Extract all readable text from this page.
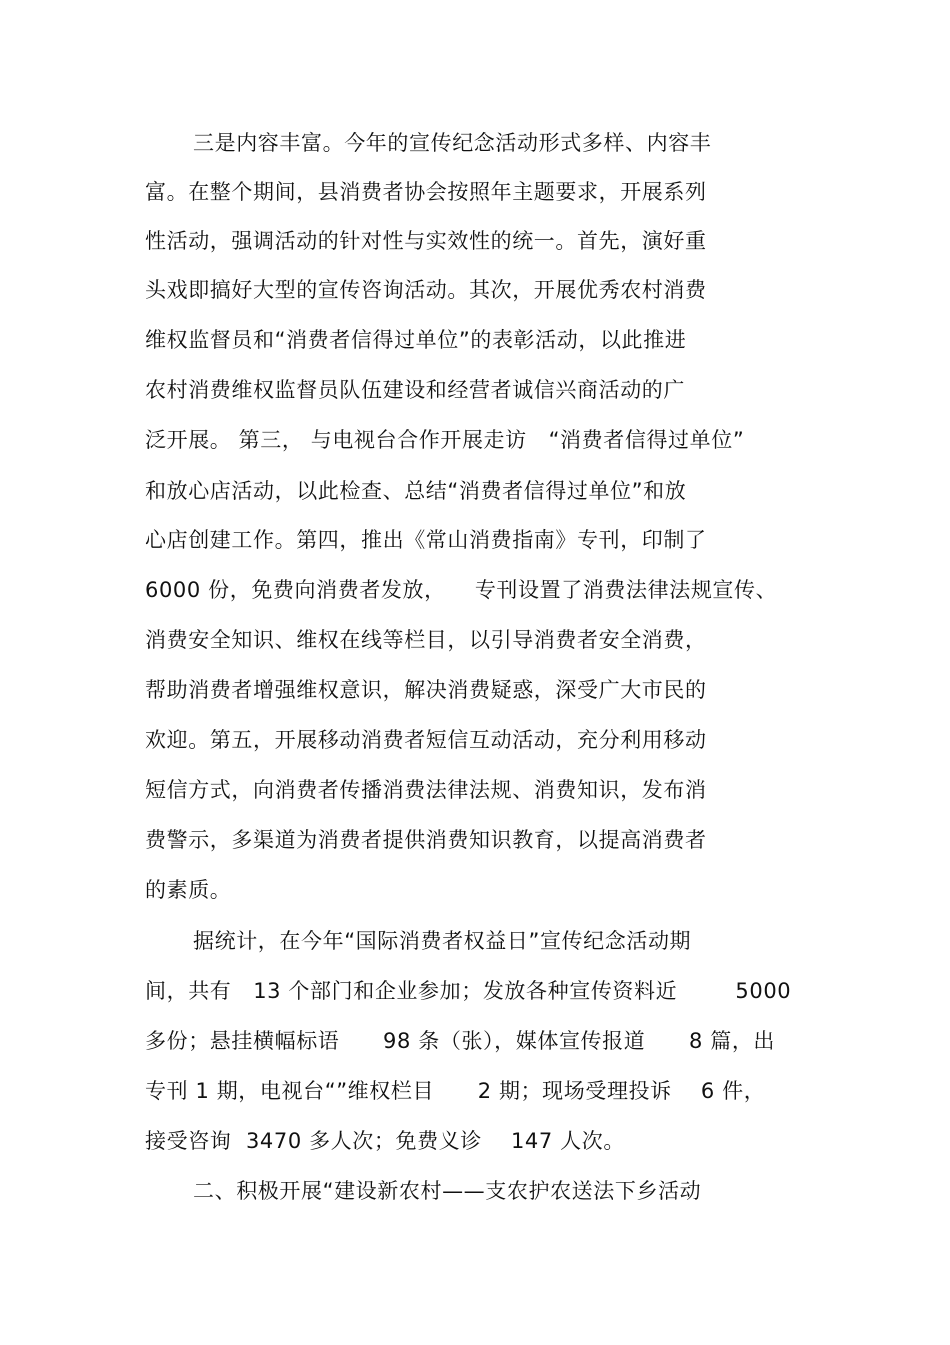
三是内容丰富。今年的宣传纪念活动形式多样、内容丰
富。在整个期间，县消费者协会按照年主题要求，开展系列
性活动，强调活动的针对性与实效性的统一。首先，演好重
头戏即搞好大型的宣传咨询活动。其次，开展优秀农村消费
维权监督员和“消费者信得过单位”的表彰活动，以此推进
农村消费维权监督员队伍建设和经营者诚信兴商活动的广
泛开展。 第三， 与电视台合作开展走访   “消费者信得过单位”
和放心店活动，以此检查、总结“消费者信得过单位”和放
心店创建工作。第四，推出《常山消费指南》专刊，印制了
6000 份，免费向消费者发放，    专刊设置了消费法律法规宣传、
消费安全知识、维权在线等栏目，以引导消费者安全消费，
帮助消费者增强维权意识，解决消费疑惑，深受广大市民的
欢迎。第五，开展移动消费者短信互动活动，充分利用移动
短信方式，向消费者传播消费法律法规、消费知识，发布消
费警示，多渠道为消费者提供消费知识教育，以提高消费者
的素质。
据统计，在今年“国际消费者权益日”宣传纪念活动期
间，共有   13 个部门和企业参加；发放各种宣传资料近        5000
多份；悬挂横幅标语      98 条（张），媒体宣传报道      8 篇，出
专刊 1 期，电视台“”维权栏目      2 期；现场受理投诉    6 件，
接受咨询  3470 多人次；免费义诊    147 人次。
二、积极开展“建设新农村——支农护农送法下乡活动
